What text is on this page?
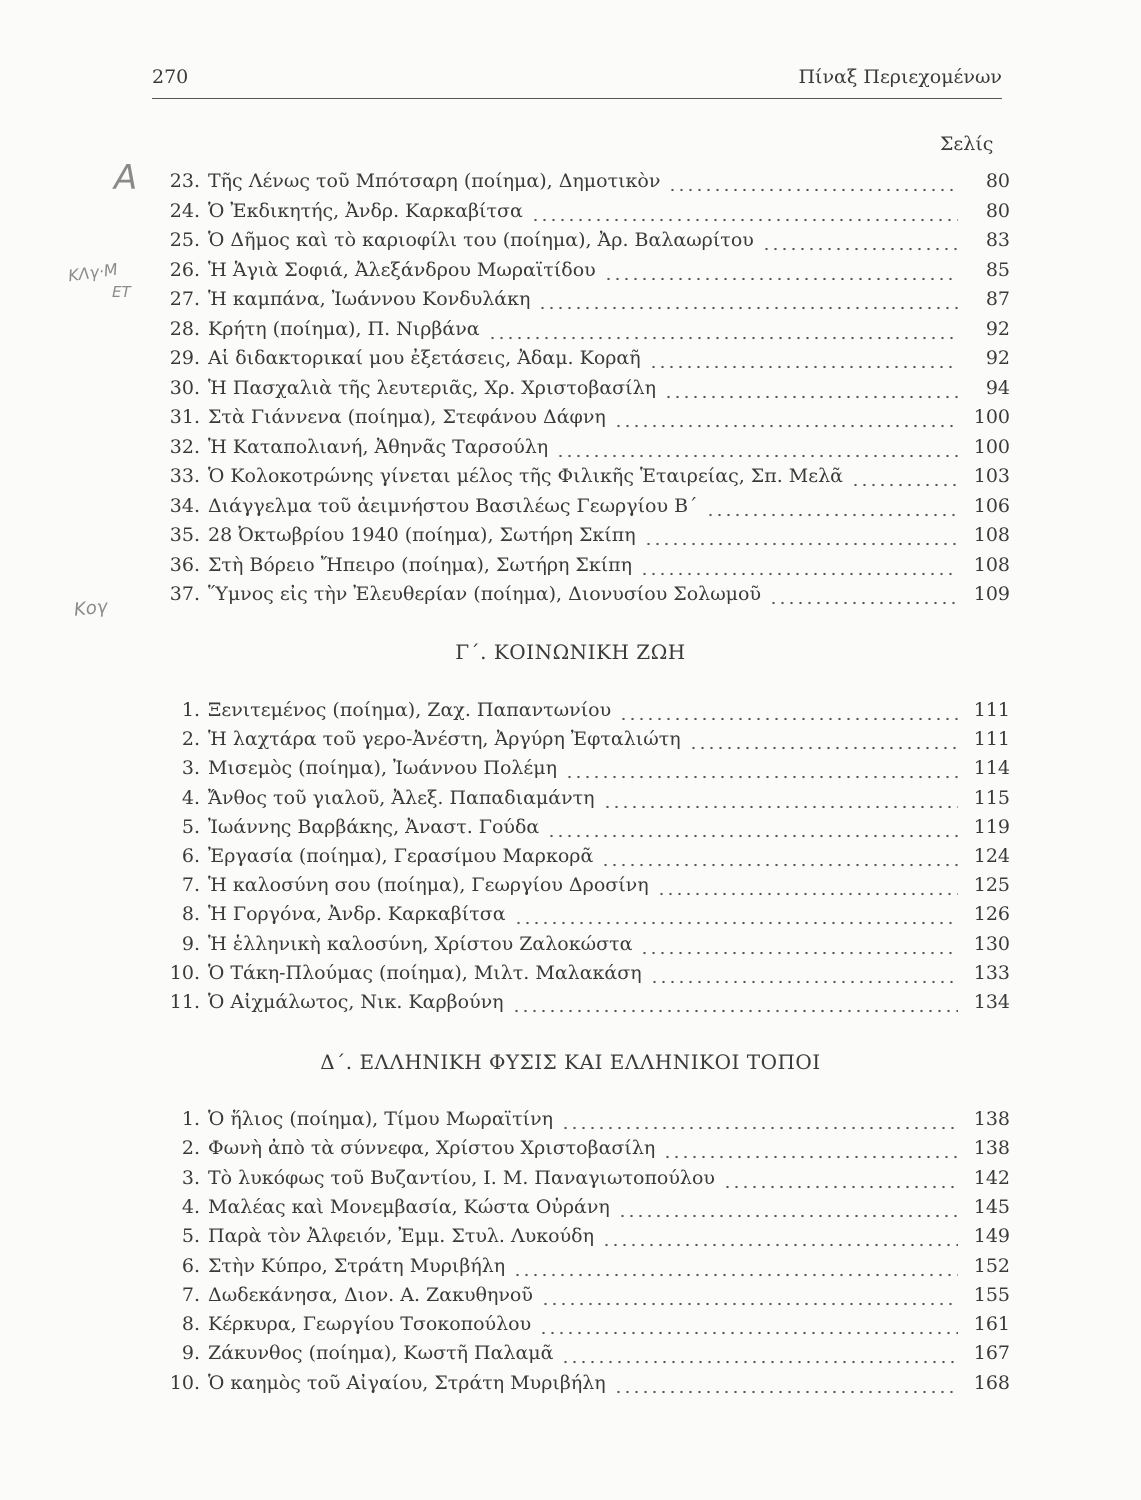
270	Πίναξ Περιεχομένων
Σελίς
A
ΚΛγ·Μ
ΕΤ
Κογ
23. Τῆς Λένως τοῦ Μπότσαρη (ποίημα), Δημοτικὸν	80
24. Ὁ Ἐκδικητής, Ἀνδρ. Καρκαβίτσα	80
25. Ὁ Δῆμος καὶ τὸ καριοφίλι του (ποίημα), Ἀρ. Βαλαωρίτου	83
26. Ἡ Ἁγιὰ Σοφιά, Ἀλεξάνδρου Μωραϊτίδου	85
27. Ἡ καμπάνα, Ἰωάννου Κονδυλάκη	87
28. Κρήτη (ποίημα), Π. Νιρβάνα	92
29. Αἱ διδακτορικαί μου ἐξετάσεις, Ἀδαμ. Κοραῆ	92
30. Ἡ Πασχαλιὰ τῆς λευτεριᾶς, Χρ. Χριστοβασίλη	94
31. Στὰ Γιάννενα (ποίημα), Στεφάνου Δάφνη	100
32. Ἡ Καταπολιανή, Ἀθηνᾶς Ταρσούλη	100
33. Ὁ Κολοκοτρώνης γίνεται μέλος τῆς Φιλικῆς Ἑταιρείας, Σπ. Μελᾶ	103
34. Διάγγελμα τοῦ ἀειμνήστου Βασιλέως Γεωργίου Β΄	106
35. 28 Ὀκτωβρίου 1940 (ποίημα), Σωτήρη Σκίπη	108
36. Στὴ Βόρειο Ἤπειρο (ποίημα), Σωτήρη Σκίπη	108
37. Ὕμνος εἰς τὴν Ἐλευθερίαν (ποίημα), Διονυσίου Σολωμοῦ	109
Γ΄. ΚΟΙΝΩΝΙΚΗ ΖΩΗ
1. Ξενιτεμένος (ποίημα), Ζαχ. Παπαντωνίου	111
2. Ἡ λαχτάρα τοῦ γερο-Ἀνέστη, Ἀργύρη Ἐφταλιώτη	111
3. Μισεμὸς (ποίημα), Ἰωάννου Πολέμη	114
4. Ἄνθος τοῦ γιαλοῦ, Ἀλεξ. Παπαδιαμάντη	115
5. Ἰωάννης Βαρβάκης, Ἀναστ. Γούδα	119
6. Ἐργασία (ποίημα), Γερασίμου Μαρκορᾶ	124
7. Ἡ καλοσύνη σου (ποίημα), Γεωργίου Δροσίνη	125
8. Ἡ Γοργόνα, Ἀνδρ. Καρκαβίτσα	126
9. Ἡ ἑλληνικὴ καλοσύνη, Χρίστου Ζαλοκώστα	130
10. Ὁ Τάκη-Πλούμας (ποίημα), Μιλτ. Μαλακάση	133
11. Ὁ Αἰχμάλωτος, Νικ. Καρβούνη	134
Δ΄. ΕΛΛΗΝΙΚΗ ΦΥΣΙΣ ΚΑΙ ΕΛΛΗΝΙΚΟΙ ΤΟΠΟΙ
1. Ὁ ἥλιος (ποίημα), Τίμου Μωραϊτίνη	138
2. Φωνὴ ἀπὸ τὰ σύννεφα, Χρίστου Χριστοβασίλη	138
3. Τὸ λυκόφως τοῦ Βυζαντίου, Ι. Μ. Παναγιωτοπούλου	142
4. Μαλέας καὶ Μονεμβασία, Κώστα Οὐράνη	145
5. Παρὰ τὸν Ἀλφειόν, Ἐμμ. Στυλ. Λυκούδη	149
6. Στὴν Κύπρο, Στράτη Μυριβήλη	152
7. Δωδεκάνησα, Διον. Α. Ζακυθηνοῦ	155
8. Κέρκυρα, Γεωργίου Τσοκοπούλου	161
9. Ζάκυνθος (ποίημα), Κωστῆ Παλαμᾶ	167
10. Ὁ καημὸς τοῦ Αἰγαίου, Στράτη Μυριβήλη	168
